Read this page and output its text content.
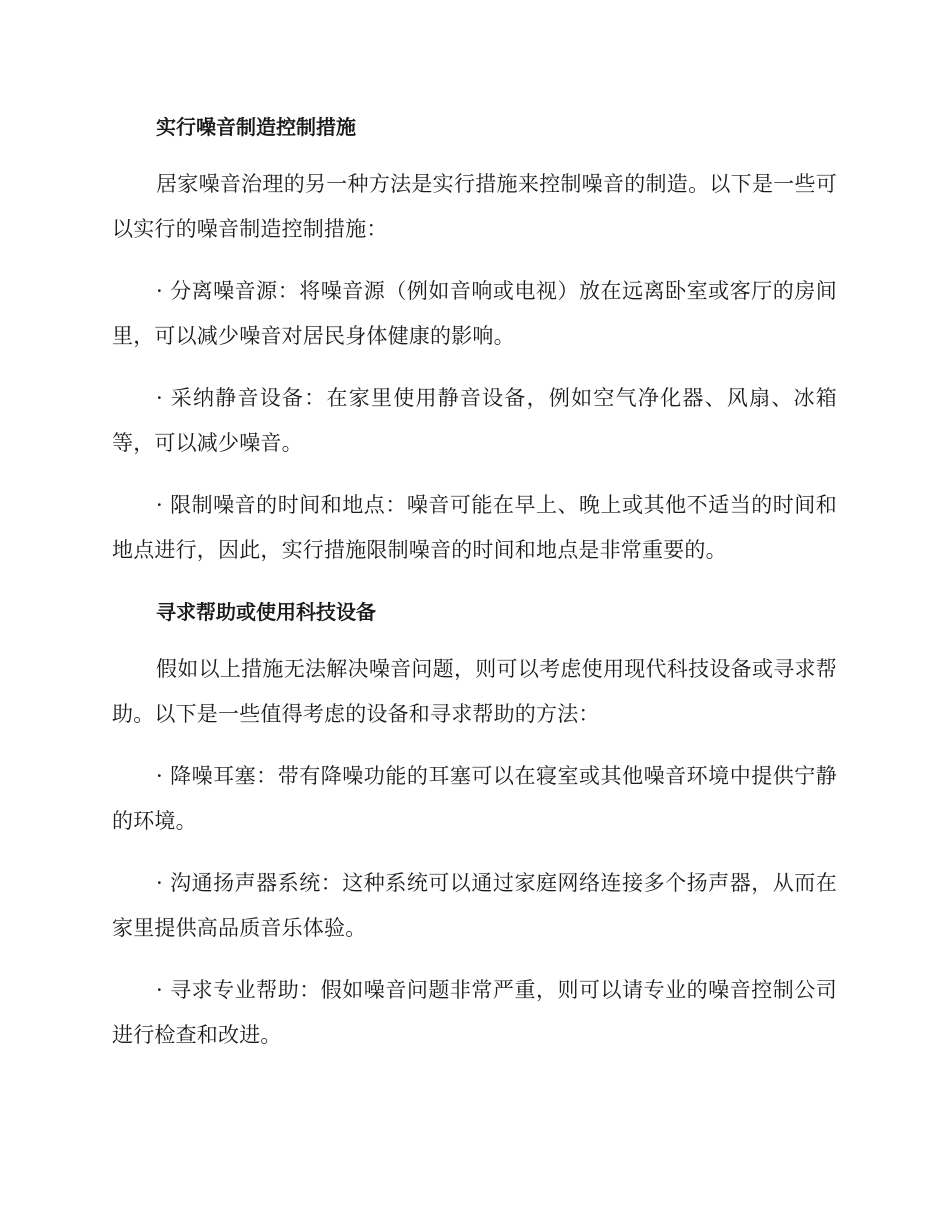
实行噪音制造控制措施

居家噪音治理的另一种方法是实行措施来控制噪音的制造。以下是一些可以实行的噪音制造控制措施：

· 分离噪音源：将噪音源（例如音响或电视）放在远离卧室或客厅的房间里，可以减少噪音对居民身体健康的影响。

· 采纳静音设备：在家里使用静音设备，例如空气净化器、风扇、冰箱等，可以减少噪音。

· 限制噪音的时间和地点：噪音可能在早上、晚上或其他不适当的时间和地点进行，因此，实行措施限制噪音的时间和地点是非常重要的。

寻求帮助或使用科技设备

假如以上措施无法解决噪音问题，则可以考虑使用现代科技设备或寻求帮助。以下是一些值得考虑的设备和寻求帮助的方法：

· 降噪耳塞：带有降噪功能的耳塞可以在寝室或其他噪音环境中提供宁静的环境。

· 沟通扬声器系统：这种系统可以通过家庭网络连接多个扬声器，从而在家里提供高品质音乐体验。

· 寻求专业帮助：假如噪音问题非常严重，则可以请专业的噪音控制公司进行检查和改进。
